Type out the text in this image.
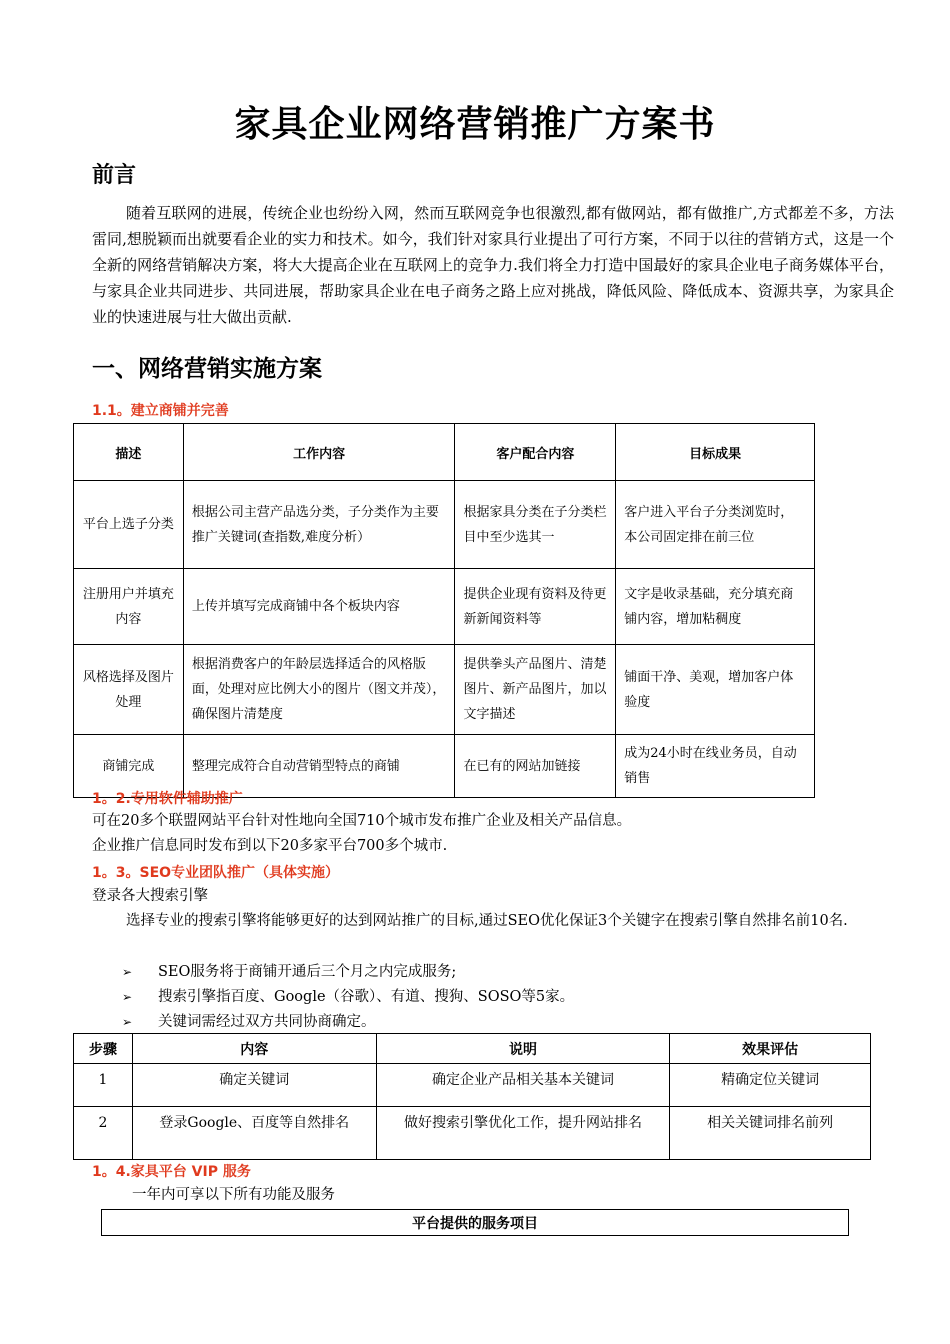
家具企业网络营销推广方案书
前言
随着互联网的进展，传统企业也纷纷入网，然而互联网竞争也很激烈,都有做网站，都有做推广,方式都差不多，方法雷同,想脱颖而出就要看企业的实力和技术。如今，我们针对家具行业提出了可行方案，不同于以往的营销方式，这是一个全新的网络营销解决方案，将大大提高企业在互联网上的竞争力.我们将全力打造中国最好的家具企业电子商务媒体平台，与家具企业共同进步、共同进展，帮助家具企业在电子商务之路上应对挑战，降低风险、降低成本、资源共享，为家具企业的快速进展与壮大做出贡献.
一、网络营销实施方案
1.1。建立商铺并完善
描述	工作内容	客户配合内容	目标成果
平台上选子分类	根据公司主营产品选分类，子分类作为主要推广关键词(查指数,难度分析）	根据家具分类在子分类栏目中至少选其一	客户进入平台子分类浏览时，本公司固定排在前三位
注册用户并填充内容	上传并填写完成商铺中各个板块内容	提供企业现有资料及待更新新闻资料等	文字是收录基础，充分填充商铺内容，增加粘稠度
风格选择及图片处理	根据消费客户的年龄层选择适合的风格版面，处理对应比例大小的图片（图文并茂），确保图片清楚度	提供拳头产品图片、清楚图片、新产品图片，加以文字描述	铺面干净、美观，增加客户体验度
商铺完成	整理完成符合自动营销型特点的商铺	在已有的网站加链接	成为24小时在线业务员，自动销售
1。2.专用软件辅助推广
可在20多个联盟网站平台针对性地向全国710个城市发布推广企业及相关产品信息。
企业推广信息同时发布到以下20多家平台700多个城市.
1。3。SEO专业团队推广（具体实施）
登录各大搜索引擎
选择专业的搜索引擎将能够更好的达到网站推广的目标,通过SEO优化保证3个关键字在搜索引擎自然排名前10名.
➢	SEO服务将于商铺开通后三个月之内完成服务;
➢	搜索引擎指百度、Google（谷歌）、有道、搜狗、SOSO等5家。
➢	关键词需经过双方共同协商确定。
步骤	内容	说明	效果评估
1	确定关键词	确定企业产品相关基本关键词	精确定位关键词
2	登录Google、百度等自然排名	做好搜索引擎优化工作，提升网站排名	相关关键词排名前列
1。4.家具平台 VIP 服务
一年内可享以下所有功能及服务
平台提供的服务项目
